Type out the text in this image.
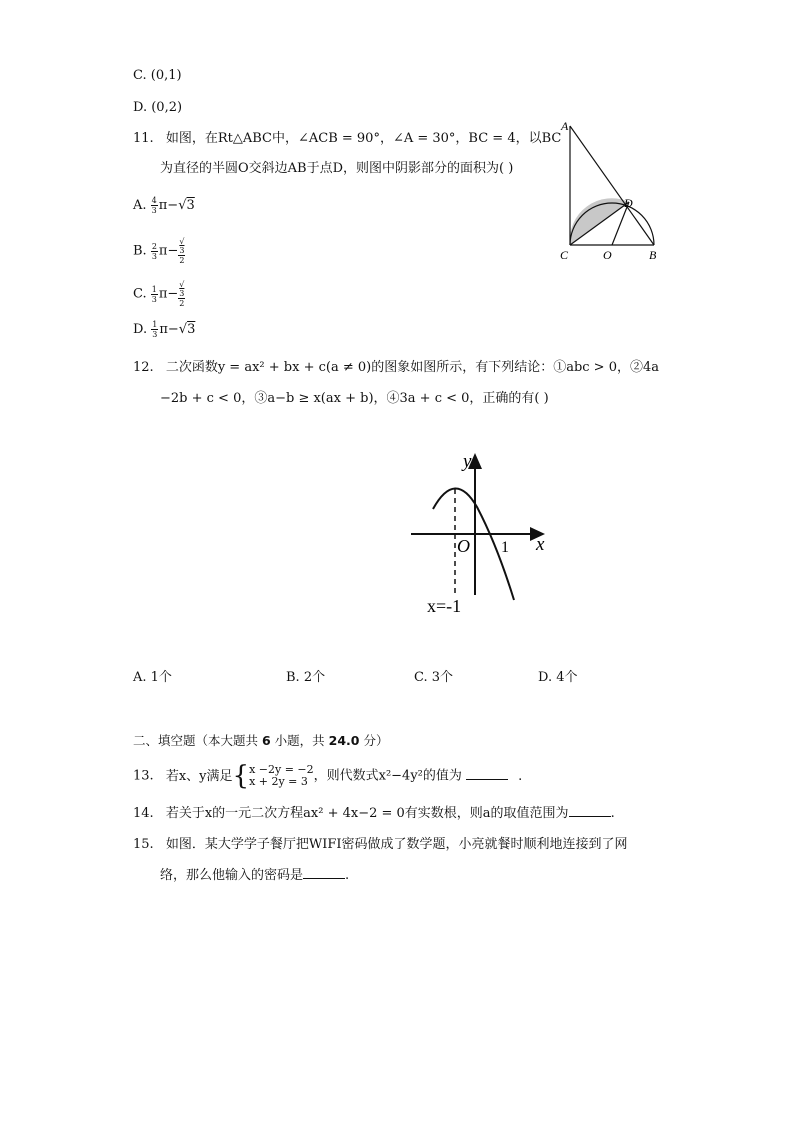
C. (0,1)
D. (0,2)
11. 如图，在Rt△ABC中，∠ACB = 90°，∠A = 30°，BC = 4，以BC
为直径的半圆O交斜边AB于点D，则图中阴影部分的面积为( )
A. $\frac{4}{3} \pi-√3$
B. $\frac{2}{3} \pi-$ √
3
2
C. $\frac{1}{3} \pi-$ √
3
2
D. $\frac{1}{3} \pi-√3$
A
D
C	O	B
12. 二次函数y = ax² + bx + c(a ≠ 0)的图象如图所示，有下列结论：①abc > 0，②4a
−2b + c < 0，③a−b ≥ x(ax + b)，④3a + c < 0，正确的有( )
y
x
O 1
x=-1
A. 1个	B. 2个	C. 3个	D. 4个
二、填空题（本大题共 6 小题，共 24.0 分）
13. 若x、y满足{ x −2y = −2
x + 2y = 3 ，则代数式x²−4y²的值为	.
14. 若关于x的一元二次方程ax² + 4x−2 = 0有实数根，则a的取值范围为	.
15. 如图．某大学学子餐厅把WIFI密码做成了数学题，小亮就餐时顺利地连接到了网
络，那么他输入的密码是	.
